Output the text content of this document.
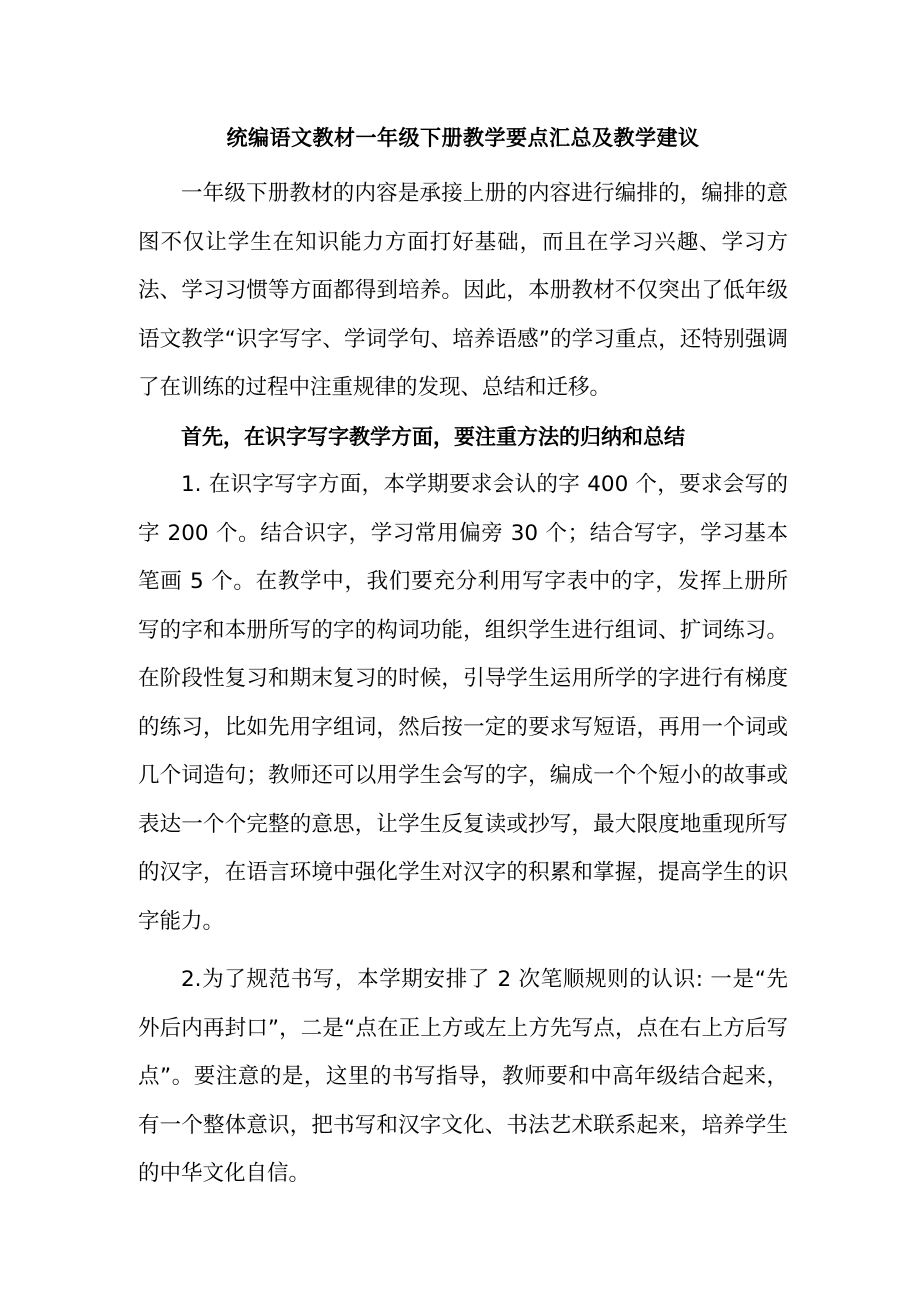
统编语文教材一年级下册教学要点汇总及教学建议

一年级下册教材的内容是承接上册的内容进行编排的，编排的意图不仅让学生在知识能力方面打好基础，而且在学习兴趣、学习方法、学习习惯等方面都得到培养。因此，本册教材不仅突出了低年级语文教学“识字写字、学词学句、培养语感”的学习重点，还特别强调了在训练的过程中注重规律的发现、总结和迁移。

首先，在识字写字教学方面，要注重方法的归纳和总结

1. 在识字写字方面，本学期要求会认的字 400 个，要求会写的字 200 个。结合识字，学习常用偏旁 30 个；结合写字，学习基本笔画 5 个。在教学中，我们要充分利用写字表中的字，发挥上册所写的字和本册所写的字的构词功能，组织学生进行组词、扩词练习。在阶段性复习和期末复习的时候，引导学生运用所学的字进行有梯度的练习，比如先用字组词，然后按一定的要求写短语，再用一个词或几个词造句；教师还可以用学生会写的字，编成一个个短小的故事或表达一个个完整的意思，让学生反复读或抄写，最大限度地重现所写的汉字，在语言环境中强化学生对汉字的积累和掌握，提高学生的识字能力。

2.为了规范书写，本学期安排了 2 次笔顺规则的认识: 一是“先外后内再封口”，二是“点在正上方或左上方先写点，点在右上方后写点”。要注意的是，这里的书写指导，教师要和中高年级结合起来，有一个整体意识，把书写和汉字文化、书法艺术联系起来，培养学生的中华文化自信。
